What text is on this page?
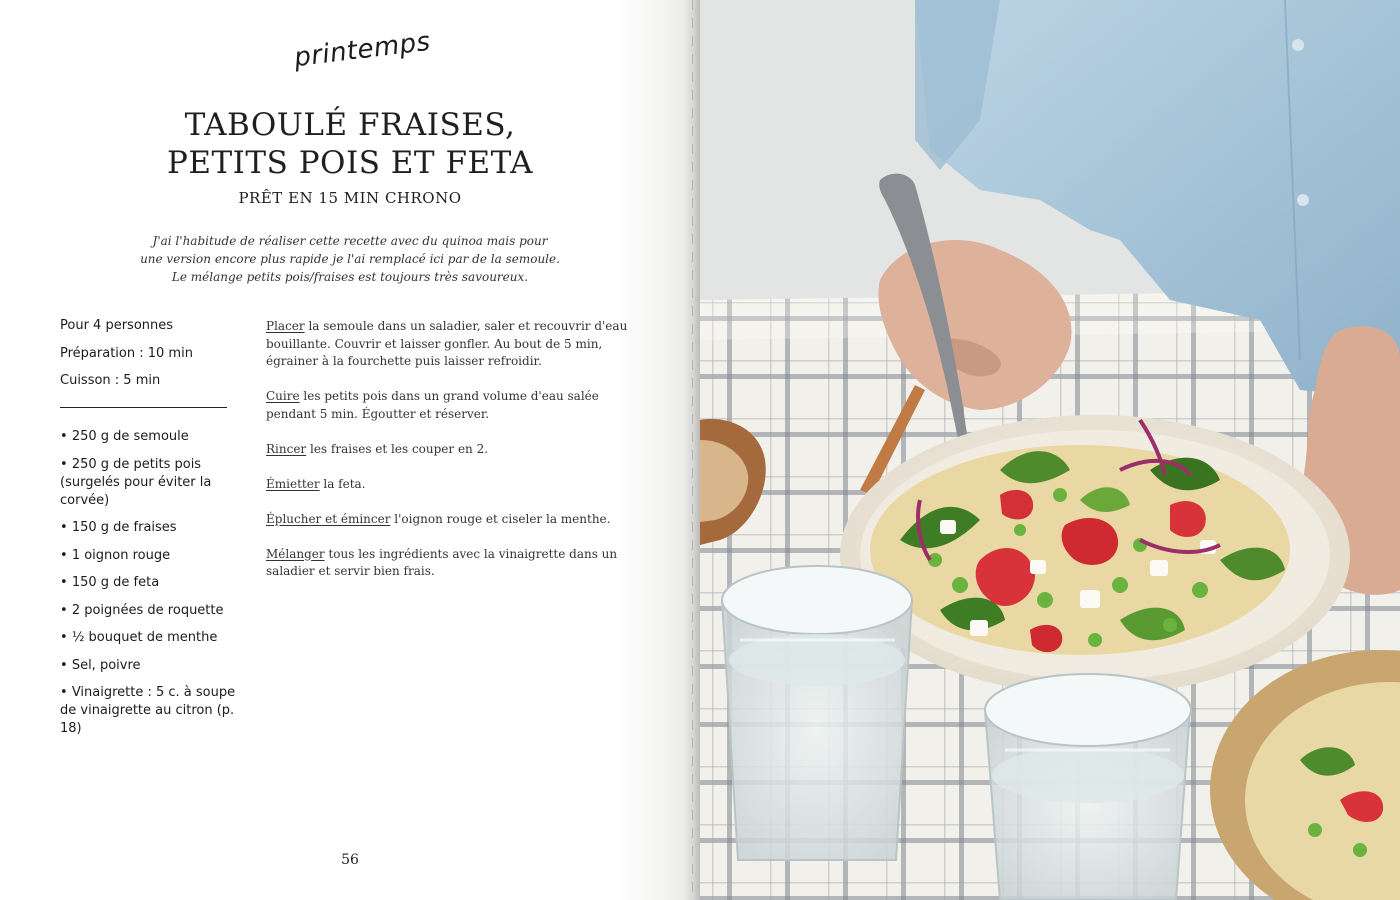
printemps
TABOULÉ FRAISES,
PETITS POIS ET FETA
PRÊT EN 15 MIN CHRONO
J'ai l'habitude de réaliser cette recette avec du quinoa mais pour
une version encore plus rapide je l'ai remplacé ici par de la semoule.
Le mélange petits pois/fraises est toujours très savoureux.
Pour 4 personnes
Préparation : 10 min
Cuisson : 5 min
• 250 g de semoule
• 250 g de petits pois (surgelés pour éviter la corvée)
• 150 g de fraises
• 1 oignon rouge
• 150 g de feta
• 2 poignées de roquette
• ½ bouquet de menthe
• Sel, poivre
• Vinaigrette : 5 c. à soupe de vinaigrette au citron (p. 18)
Placer la semoule dans un saladier, saler et recouvrir d'eau bouillante. Couvrir et laisser gonfler. Au bout de 5 min, égrainer à la fourchette puis laisser refroidir.
Cuire les petits pois dans un grand volume d'eau salée pendant 5 min. Égoutter et réserver.
Rincer les fraises et les couper en 2.
Émietter la feta.
Éplucher et émincer l'oignon rouge et ciseler la menthe.
Mélanger tous les ingrédients avec la vinaigrette dans un saladier et servir bien frais.
56
